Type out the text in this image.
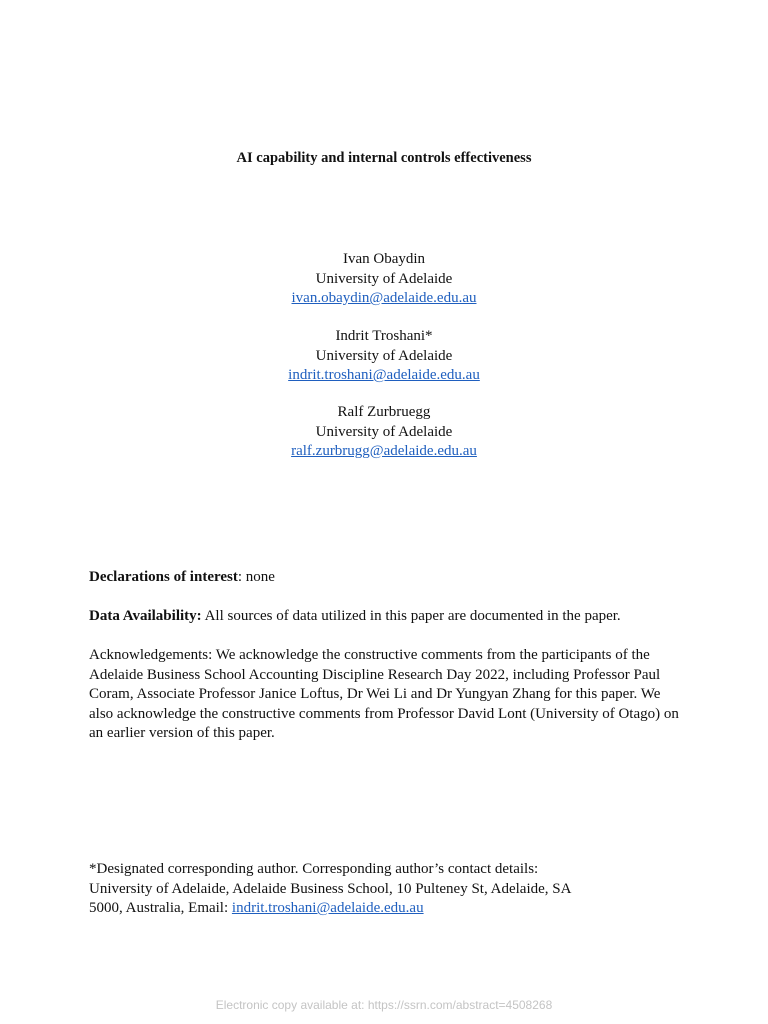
AI capability and internal controls effectiveness
Ivan Obaydin
University of Adelaide
ivan.obaydin@adelaide.edu.au
Indrit Troshani*
University of Adelaide
indrit.troshani@adelaide.edu.au
Ralf Zurbruegg
University of Adelaide
ralf.zurbrugg@adelaide.edu.au
Declarations of interest: none
Data Availability: All sources of data utilized in this paper are documented in the paper.
Acknowledgements: We acknowledge the constructive comments from the participants of the Adelaide Business School Accounting Discipline Research Day 2022, including Professor Paul Coram, Associate Professor Janice Loftus, Dr Wei Li and Dr Yungyan Zhang for this paper. We also acknowledge the constructive comments from Professor David Lont (University of Otago) on an earlier version of this paper.
*Designated corresponding author. Corresponding author’s contact details: University of Adelaide, Adelaide Business School, 10 Pulteney St, Adelaide, SA 5000, Australia, Email: indrit.troshani@adelaide.edu.au
Electronic copy available at: https://ssrn.com/abstract=4508268
